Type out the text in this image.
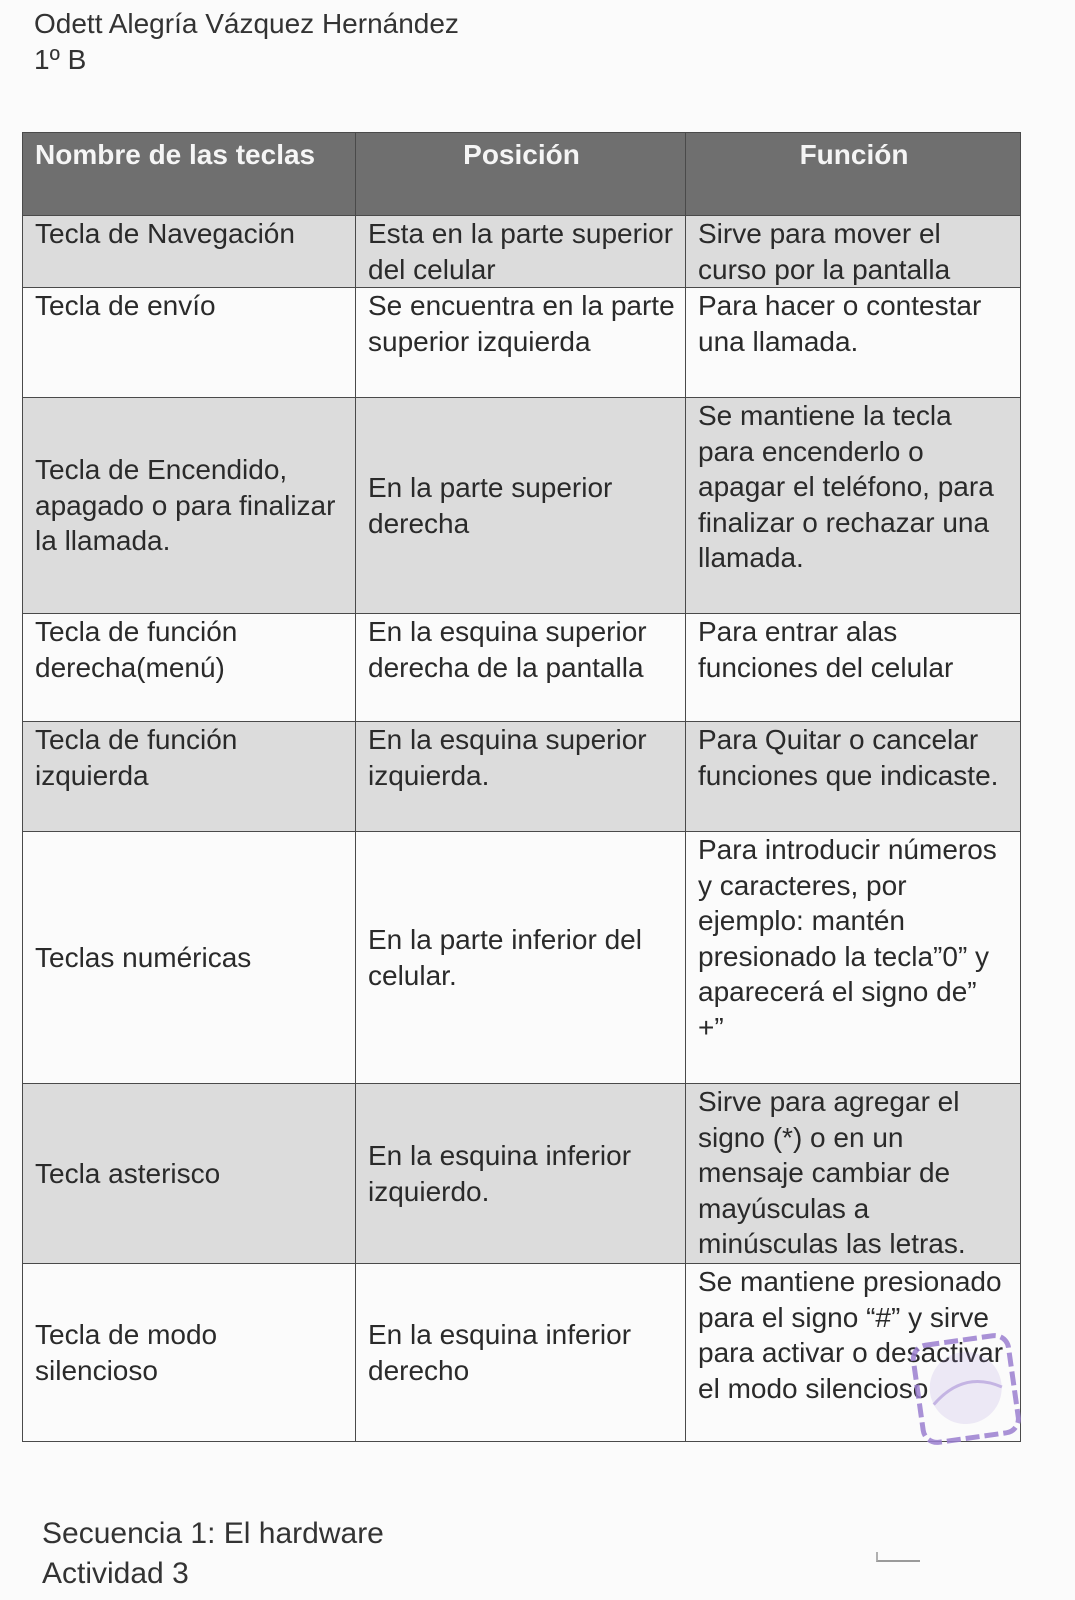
Odett Alegría Vázquez Hernández
1º B
Nombre de las teclas	Posición	Función
Tecla de Navegación	Esta en la parte superior del celular	Sirve para mover el curso por la pantalla
Tecla de envío	Se encuentra en la parte superior izquierda	Para hacer o contestar una llamada.
Tecla de Encendido, apagado o para finalizar la llamada.	En la parte superior derecha	Se mantiene la tecla para encenderlo o apagar el teléfono, para finalizar o rechazar una llamada.
Tecla de función derecha(menú)	En la esquina superior derecha de la pantalla	Para entrar alas funciones del celular
Tecla de función izquierda	En la esquina superior izquierda.	Para Quitar o cancelar funciones que indicaste.
Teclas numéricas	En la parte inferior del celular.	Para introducir números y caracteres, por ejemplo: mantén presionado la tecla”0” y aparecerá el signo de” +”
Tecla asterisco	En la esquina inferior izquierdo.	Sirve para agregar el signo (*) o en un mensaje cambiar de mayúsculas a minúsculas las letras.
Tecla de modo silencioso	En la esquina inferior derecho	Se mantiene presionado para el signo “#” y sirve para activar o desactivar el modo silencioso
Secuencia 1: El hardware
Actividad 3
